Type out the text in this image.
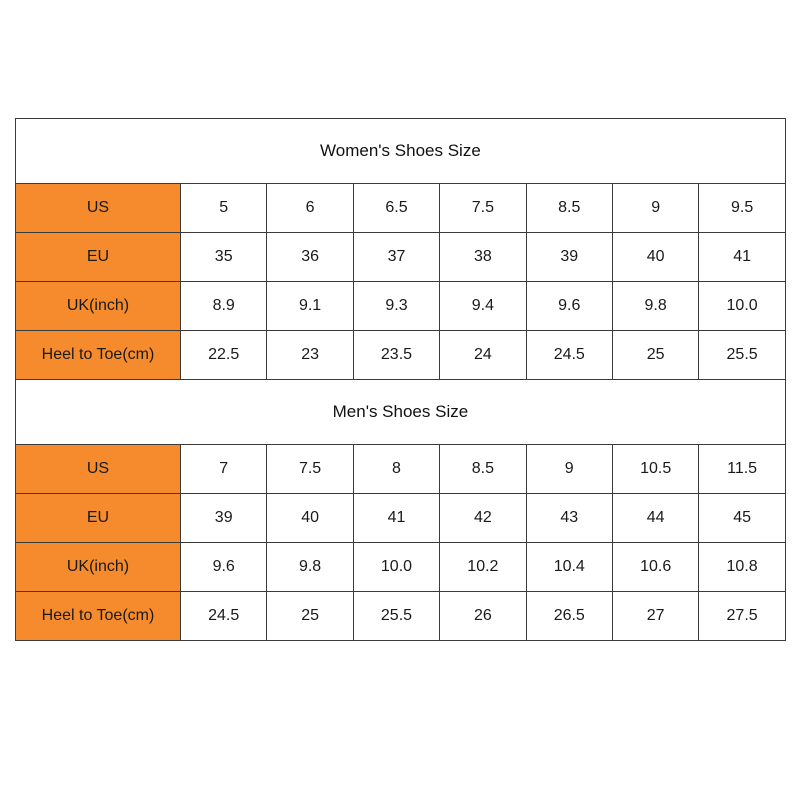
Women's Shoes Size							
US	5	6	6.5	7.5	8.5	9	9.5
EU	35	36	37	38	39	40	41
UK(inch)	8.9	9.1	9.3	9.4	9.6	9.8	10.0
Heel to Toe(cm)	22.5	23	23.5	24	24.5	25	25.5
Men's Shoes Size							
US	7	7.5	8	8.5	9	10.5	11.5
EU	39	40	41	42	43	44	45
UK(inch)	9.6	9.8	10.0	10.2	10.4	10.6	10.8
Heel to Toe(cm)	24.5	25	25.5	26	26.5	27	27.5
